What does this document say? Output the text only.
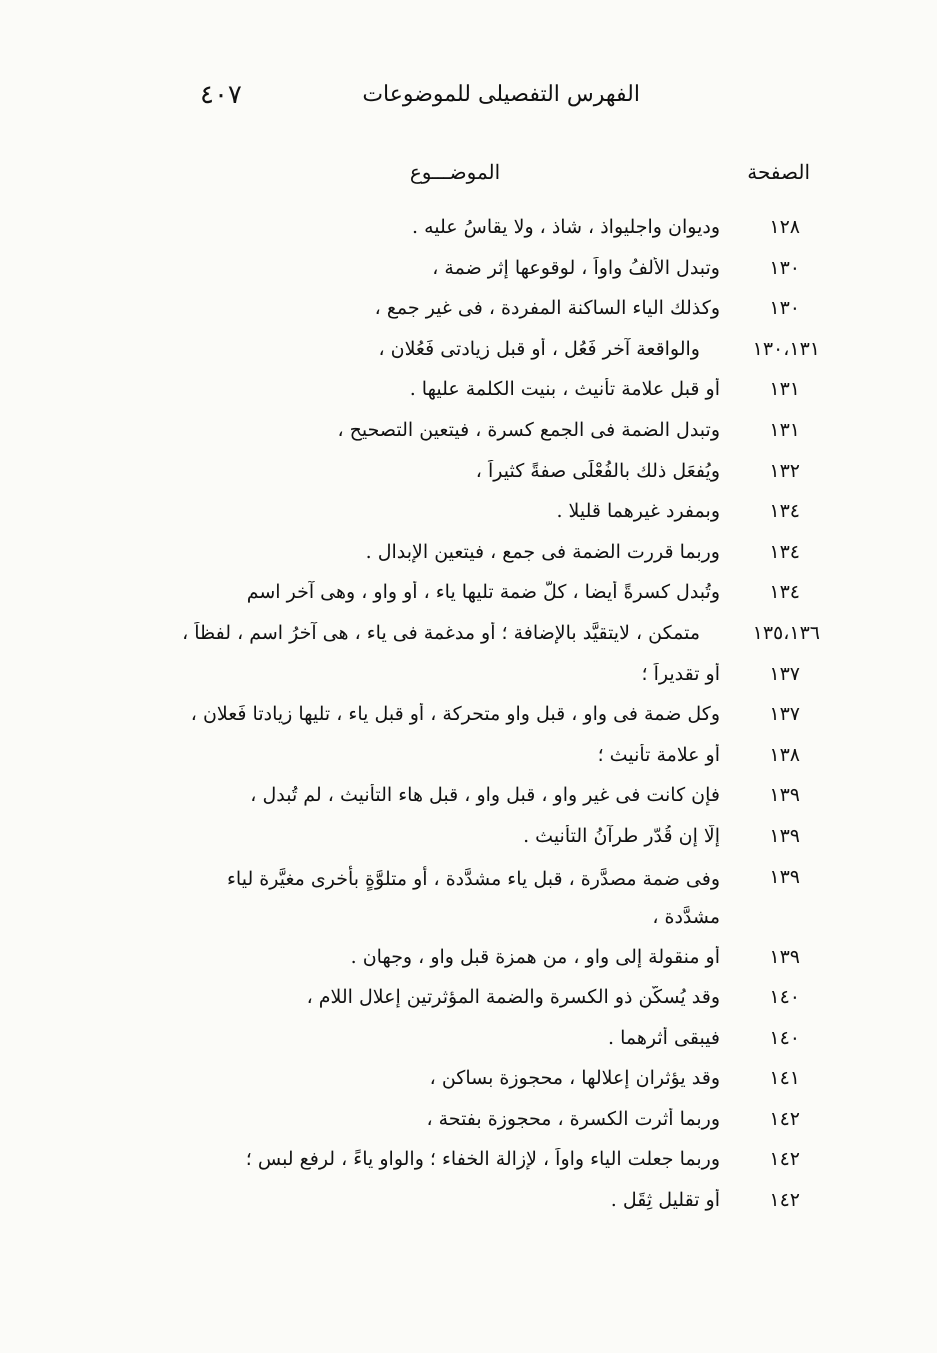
٤٠٧	الفهرس التفصيلى للموضوعات
الصفحة
الموضـــوع
١٢٨
وديوان واجليواذ ، شاذ ، ولا يقاسُ عليه .
١٣٠
وتبدل الألفُ واواً ، لوقوعها إثر ضمة ،
١٣٠
وكذلك الياء الساكنة المفردة ، فى غير جمع ،
١٣٠،١٣١
والواقعة آخر فَعُل ، أو قبل زيادتى فَعُلان ،
١٣١
أو قبل علامة تأنيث ، بنيت الكلمة عليها .
١٣١
وتبدل الضمة فى الجمع كسرة ، فيتعين التصحيح ،
١٣٢
ويُفعَل ذلك بالفُعْلَى صفةً كثيراً ،
١٣٤
وبمفرد غيرهما قليلا .
١٣٤
وربما قررت الضمة فى جمع ، فيتعين الإبدال .
١٣٤
وتُبدل كسرةً أيضا ، كلُّ ضمة تليها ياء ، أو واو ، وهى آخر اسم
١٣٥،١٣٦
متمكن ، لايتقيَّد بالإضافة ؛ أو مدغمة فى ياء ، هى آخرُ اسم ، لفظاً ،
١٣٧
أو تقديراً ؛
١٣٧
وكل ضمة فى واو ، قبل واو متحركة ، أو قبل ياء ، تليها زيادتا فَعلان ،
١٣٨
أو علامة تأنيث ؛
١٣٩
فإن كانت فى غير واو ، قبل واو ، قبل هاء التأنيث ، لم تُبدل ،
١٣٩
إلّا إن قُدّر طرآنُ التأنيث .
١٣٩
وفى ضمة مصدَّرة ، قبل ياء مشدَّدة ، أو متلوَّةٍ بأخرى مغيَّرة لياء مشدَّدة ،
١٣٩
أو منقولة إلى واو ، من همزة قبل واو ، وجهان .
١٤٠
وقد يُسكَّن ذو الكسرة والضمة المؤثرتين إعلال اللام ،
١٤٠
فيبقى أثرهما .
١٤١
وقد يؤثران إعلالها ، محجوزة بساكن ،
١٤٢
وربما أثرت الكسرة ، محجوزة بفتحة ،
١٤٢
وربما جعلت الياء واواً ، لإزالة الخفاء ؛ والواو ياءً ، لرفع لبس ؛
١٤٢
أو تقليل ثِقَل .
